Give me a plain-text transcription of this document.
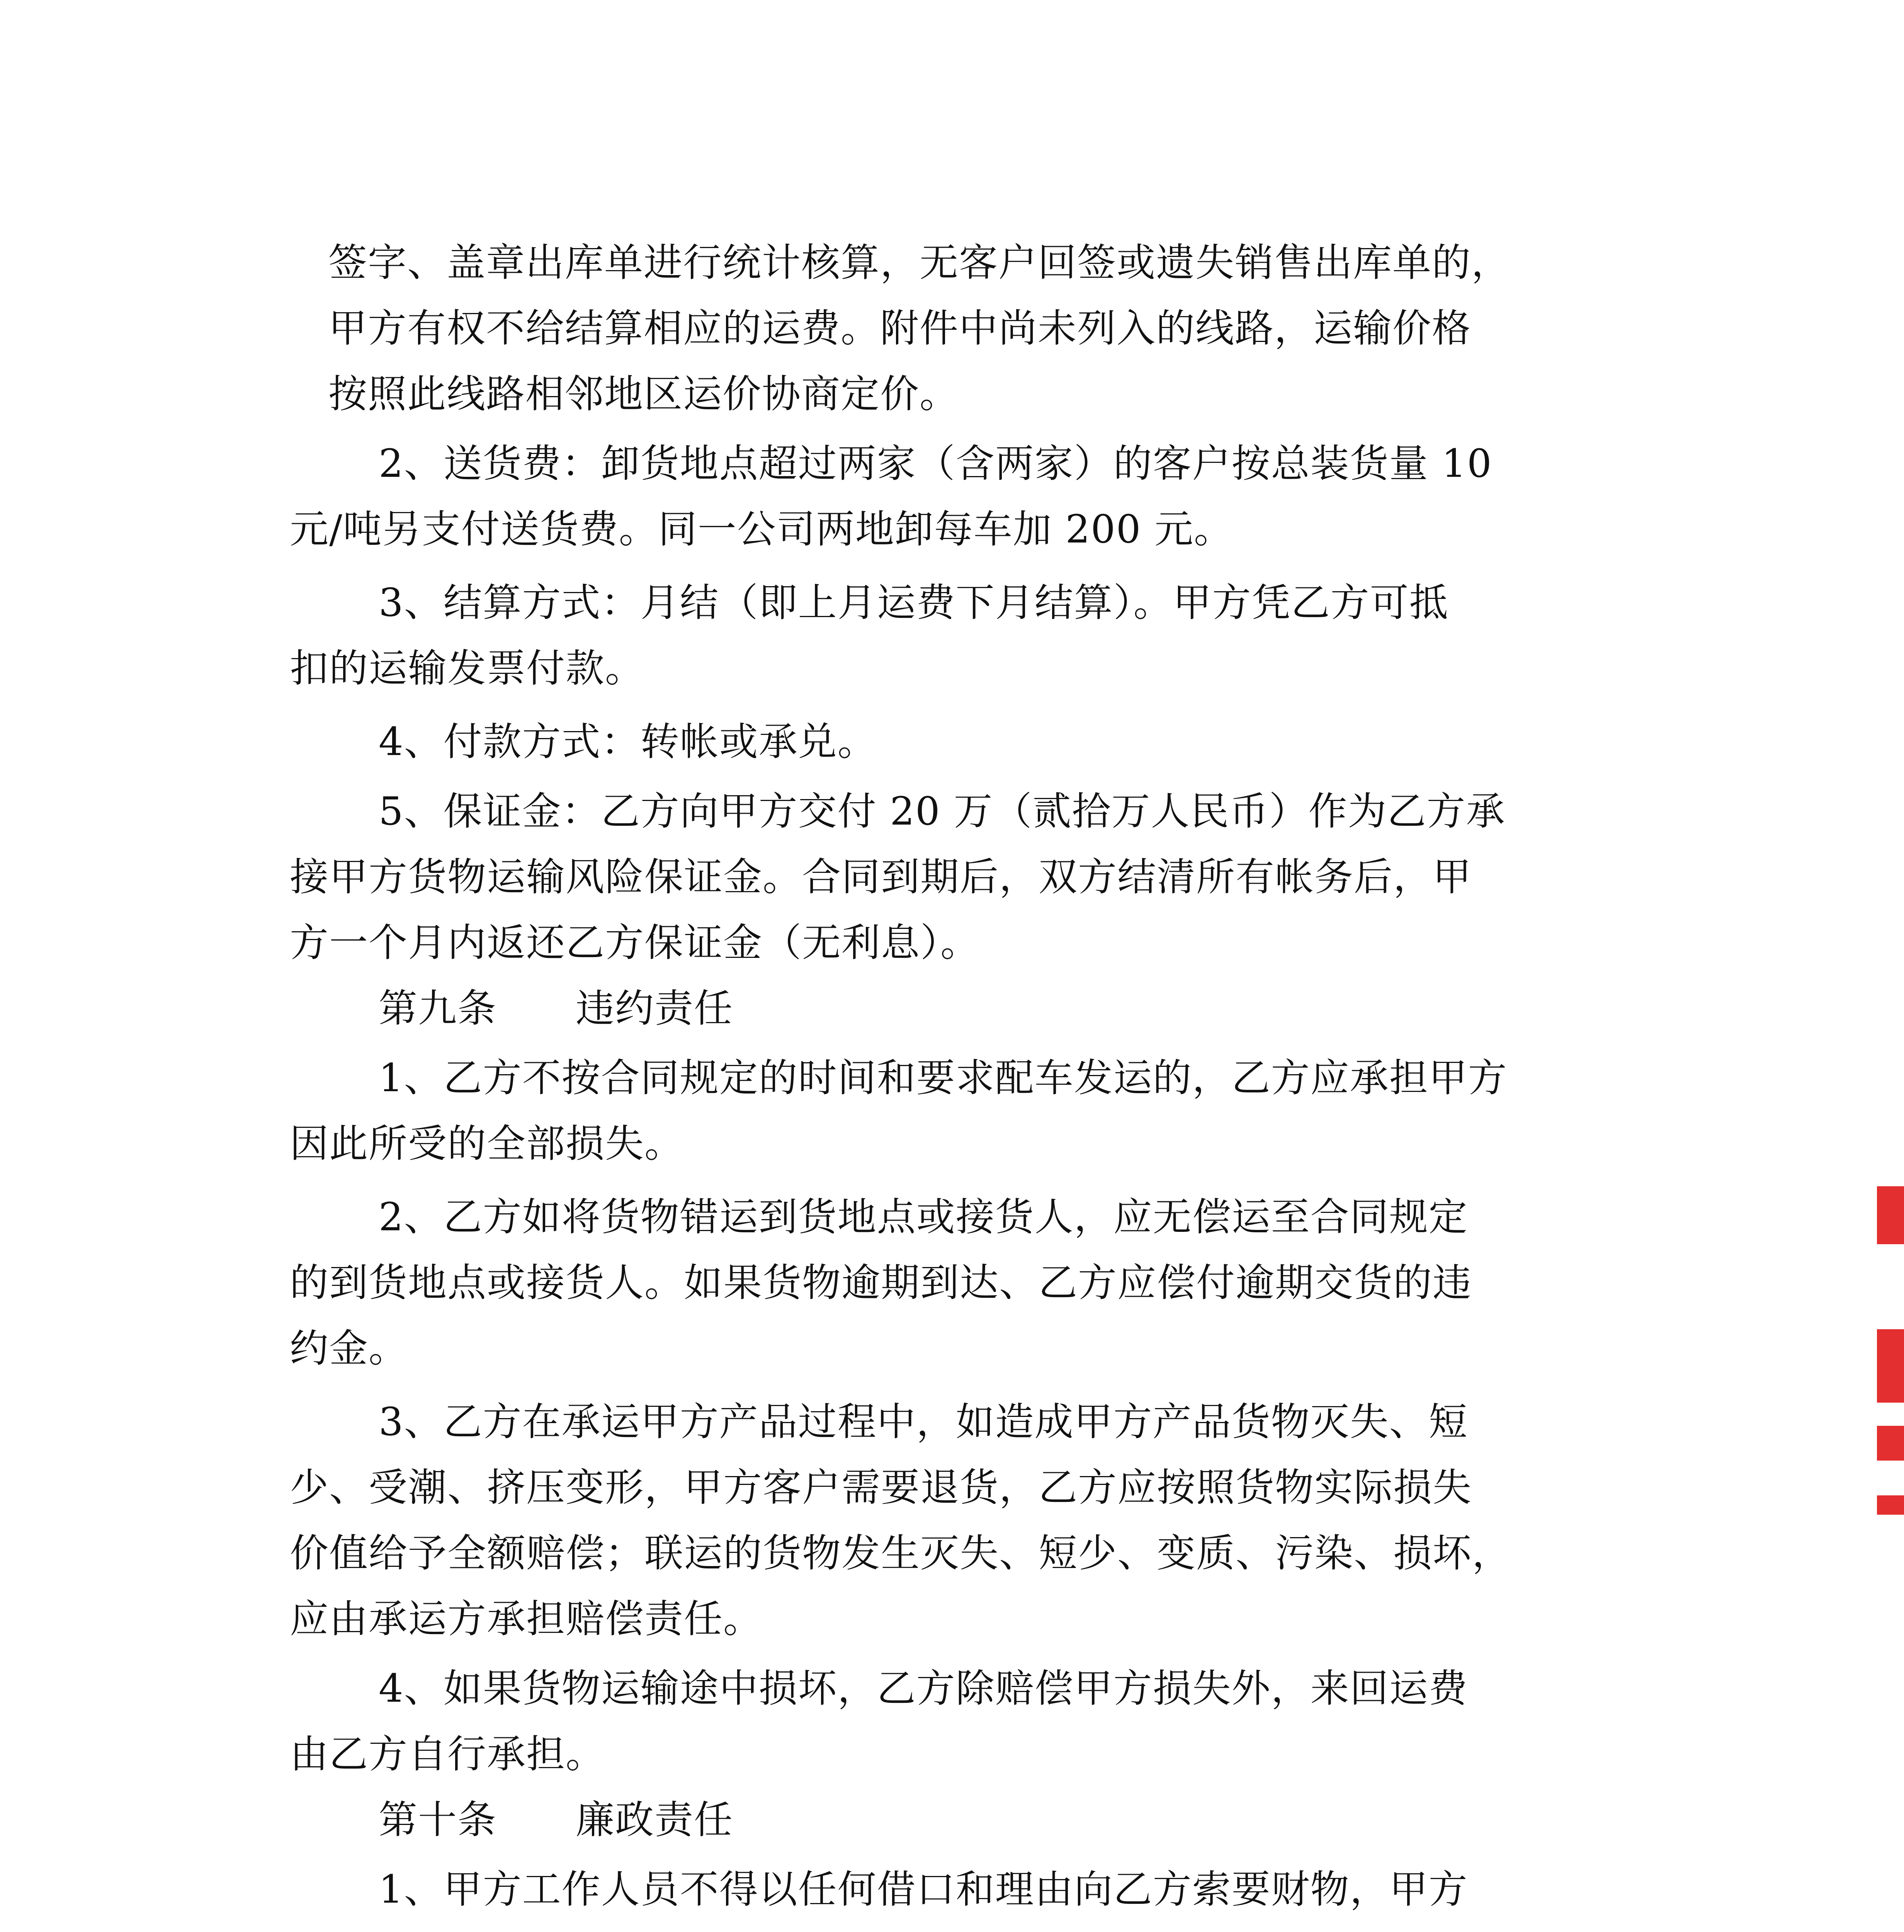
签字、盖章出库单进行统计核算，无客户回签或遗失销售出库单的，
甲方有权不给结算相应的运费。附件中尚未列入的线路，运输价格
按照此线路相邻地区运价协商定价。
2、送货费：卸货地点超过两家（含两家）的客户按总装货量 10
元/吨另支付送货费。同一公司两地卸每车加 200 元。
3、结算方式：月结（即上月运费下月结算）。甲方凭乙方可抵
扣的运输发票付款。
4、付款方式：转帐或承兑。
5、保证金：乙方向甲方交付 20 万（贰拾万人民币）作为乙方承
接甲方货物运输风险保证金。合同到期后，双方结清所有帐务后，甲
方一个月内返还乙方保证金（无利息）。
第九条　　违约责任
1、乙方不按合同规定的时间和要求配车发运的，乙方应承担甲方
因此所受的全部损失。
2、乙方如将货物错运到货地点或接货人，应无偿运至合同规定
的到货地点或接货人。如果货物逾期到达、乙方应偿付逾期交货的违
约金。
3、乙方在承运甲方产品过程中，如造成甲方产品货物灭失、短
少、受潮、挤压变形，甲方客户需要退货，乙方应按照货物实际损失
价值给予全额赔偿；联运的货物发生灭失、短少、变质、污染、损坏，
应由承运方承担赔偿责任。
4、如果货物运输途中损坏，乙方除赔偿甲方损失外，来回运费
由乙方自行承担。
第十条　　廉政责任
1、甲方工作人员不得以任何借口和理由向乙方索要财物，甲方
